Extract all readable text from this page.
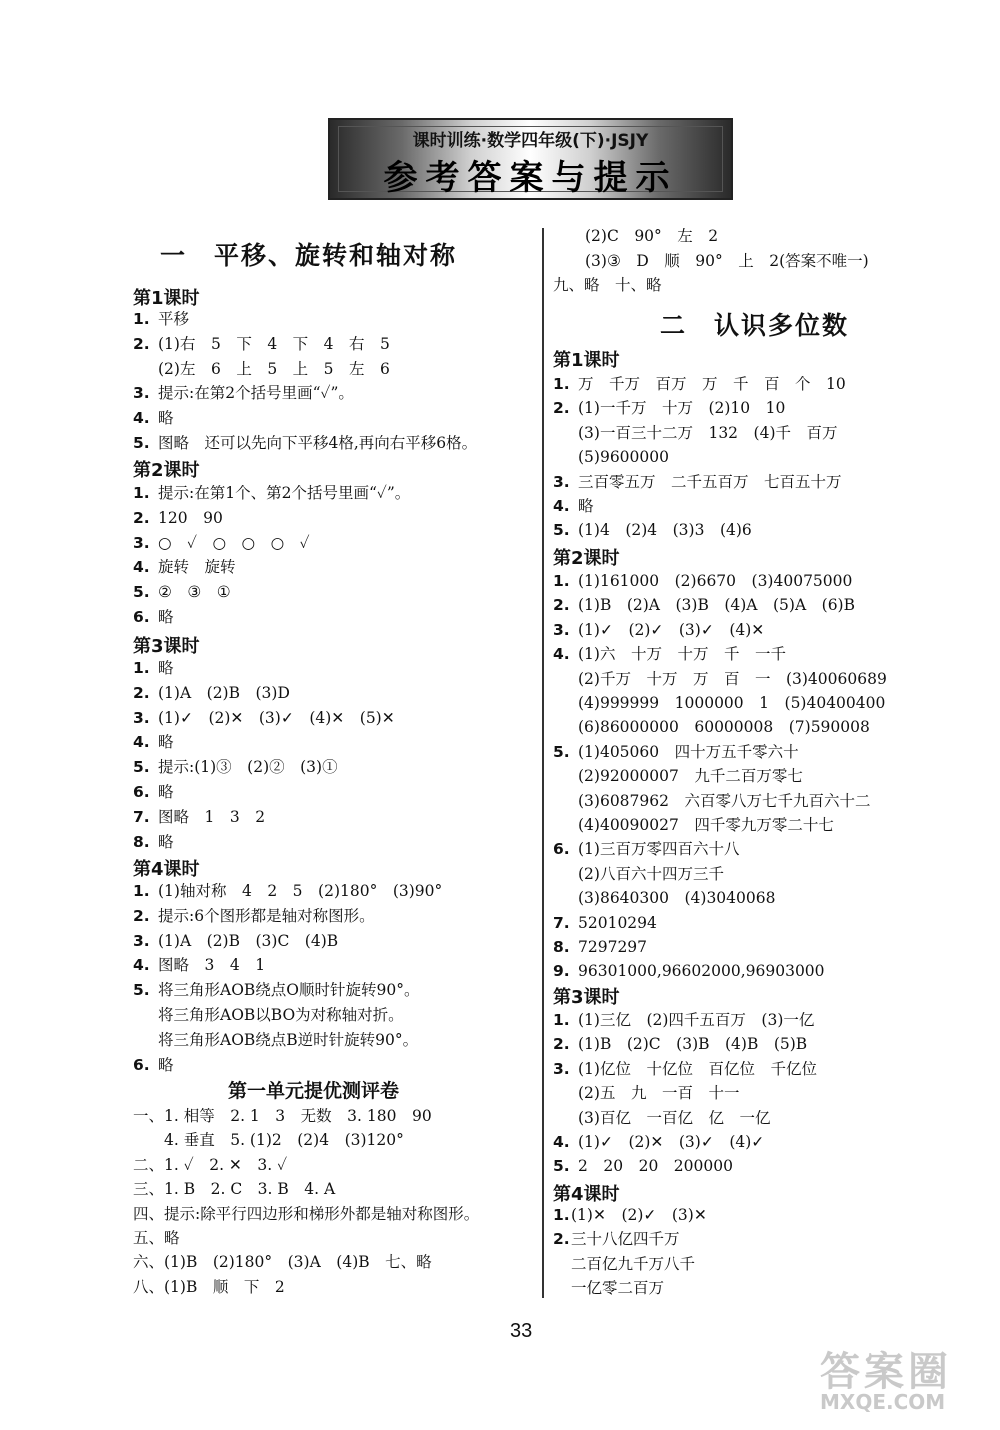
课时训练·数学四年级(下)·JSJY
参考答案与提示
一　平移、旋转和轴对称
第1课时
1. 平移
2. (1)右　5　下　4　下　4　右　5
(2)左　6　上　5　上　5　左　6
3. 提示:在第2个括号里画“✓”。
4. 略
5. 图略　还可以先向下平移4格,再向右平移6格。
第2课时
1. 提示:在第1个、第2个括号里画“✓”。
2. 120　90
3. ○　✓　○　○　○　✓
4. 旋转　旋转
5. ②　③　①
6. 略
第3课时
1. 略
2. (1)A　(2)B　(3)D
3. (1)✓　(2)✕　(3)✓　(4)✕　(5)✕
4. 略
5. 提示:(1)③　(2)②　(3)①
6. 略
7. 图略　1　3　2
8. 略
第4课时
1. (1)轴对称　4　2　5　(2)180°　(3)90°
2. 提示:6个图形都是轴对称图形。
3. (1)A　(2)B　(3)C　(4)B
4. 图略　3　4　1
5. 将三角形AOB绕点O顺时针旋转90°。
将三角形AOB以BO为对称轴对折。
将三角形AOB绕点B逆时针旋转90°。
6. 略
第一单元提优测评卷
一、1. 相等　2. 1　3　无数　3. 180　90
　　4. 垂直　5. (1)2　(2)4　(3)120°
二、1. ✓　2. ✕　3. ✓
三、1. B　2. C　3. B　4. A
四、提示:除平行四边形和梯形外都是轴对称图形。
五、略
六、(1)B　(2)180°　(3)A　(4)B　七、略
八、(1)B　顺　下　2
(2)C　90°　左　2
(3)③　D　顺　90°　上　2(答案不唯一)
九、略　十、略
二　认识多位数
第1课时
1. 万　千万　百万　万　千　百　个　10
2. (1)一千万　十万　(2)10　10
(3)一百三十二万　132　(4)千　百万
(5)9600000
3. 三百零五万　二千五百万　七百五十万
4. 略
5. (1)4　(2)4　(3)3　(4)6
第2课时
1. (1)161000　(2)6670　(3)40075000
2. (1)B　(2)A　(3)B　(4)A　(5)A　(6)B
3. (1)✓　(2)✓　(3)✓　(4)✕
4. (1)六　十万　十万　千　一千
(2)千万　十万　万　百　一　(3)40060689
(4)999999　1000000　1　(5)40400400
(6)86000000　60000008　(7)590008
5. (1)405060　四十万五千零六十
(2)92000007　九千二百万零七
(3)6087962　六百零八万七千九百六十二
(4)40090027　四千零九万零二十七
6. (1)三百万零四百六十八
(2)八百六十四万三千
(3)8640300　(4)3040068
7. 52010294
8. 7297297
9. 96301000,96602000,96903000
第3课时
1. (1)三亿　(2)四千五百万　(3)一亿
2. (1)B　(2)C　(3)B　(4)B　(5)B
3. (1)亿位　十亿位　百亿位　千亿位
(2)五　九　一百　十一
(3)百亿　一百亿　亿　一亿
4. (1)✓　(2)✕　(3)✓　(4)✓
5. 2　20　20　200000
第4课时
1.(1)✕　(2)✓　(3)✕
2.三十八亿四千万
二百亿九千万八千
一亿零二百万
33
答案圈
MXQE.COM
